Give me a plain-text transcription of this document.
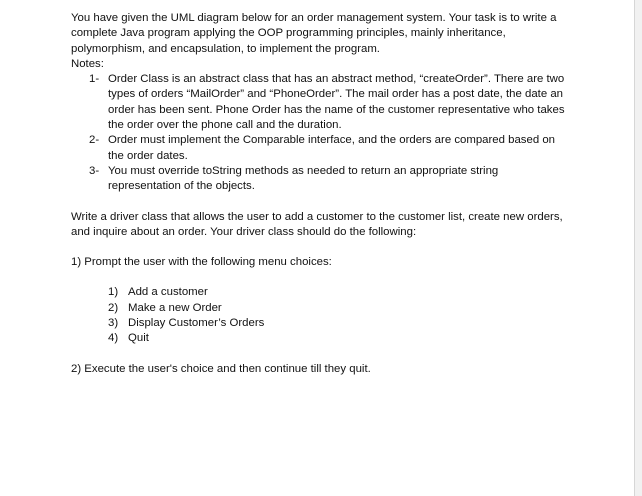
You have given the UML diagram below for an order management system. Your task is to write a complete Java program applying the OOP programming principles, mainly inheritance, polymorphism, and encapsulation, to implement the program.

Notes:

1- Order Class is an abstract class that has an abstract method, “createOrder”. There are two types of orders “MailOrder” and “PhoneOrder”. The mail order has a post date, the date an order has been sent. Phone Order has the name of the customer representative who takes the order over the phone call and the duration.
2- Order must implement the Comparable interface, and the orders are compared based on the order dates.
3- You must override toString methods as needed to return an appropriate string representation of the objects.

Write a driver class that allows the user to add a customer to the customer list, create new orders, and inquire about an order. Your driver class should do the following:

1) Prompt the user with the following menu choices:

1) Add a customer
2) Make a new Order
3) Display Customer’s Orders
4) Quit

2) Execute the user's choice and then continue till they quit.
